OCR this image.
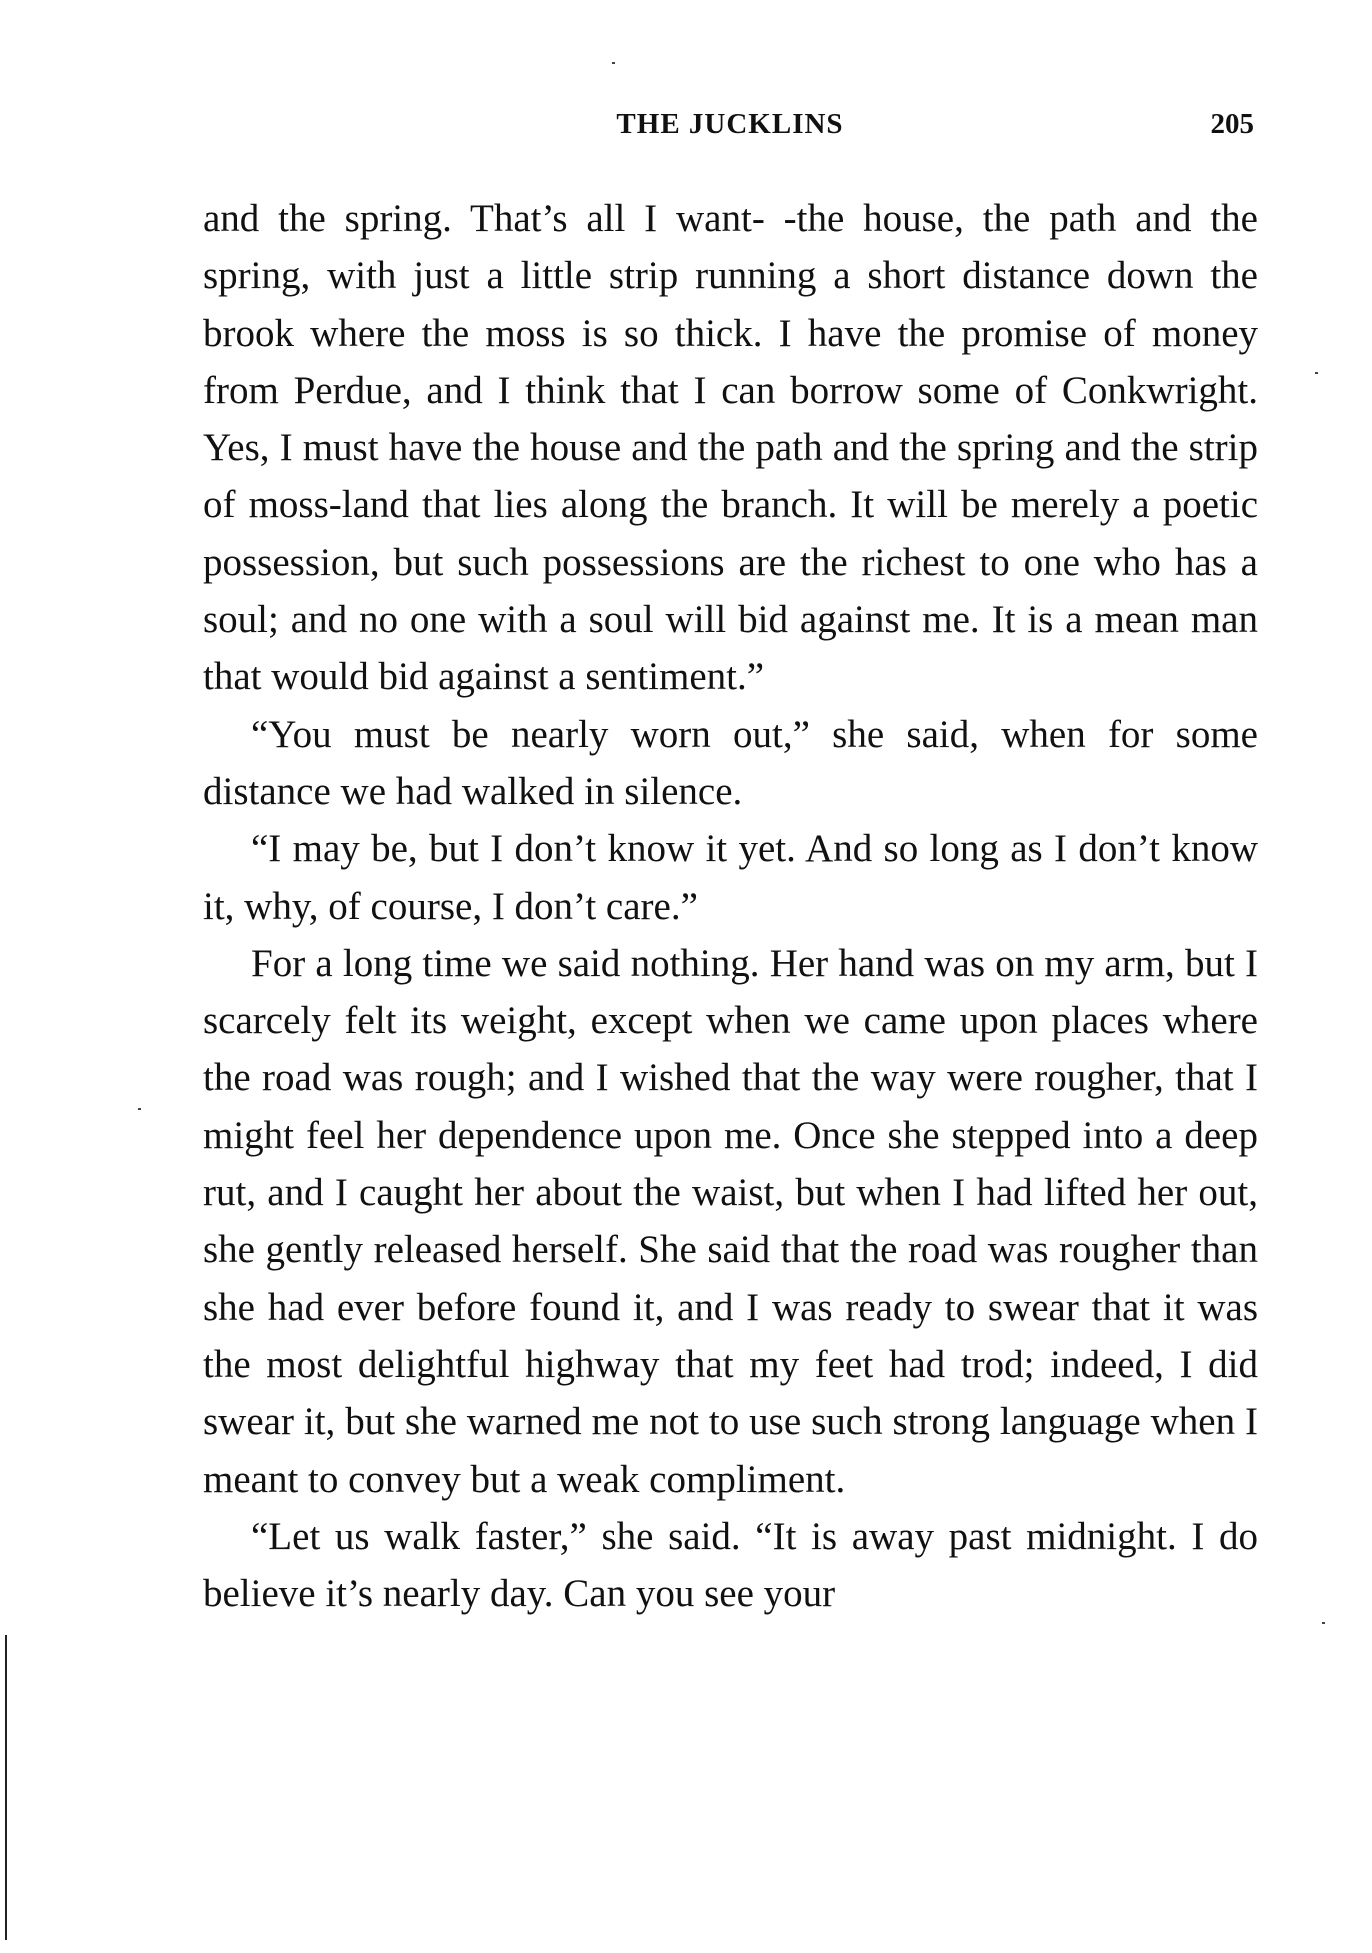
THE JUCKLINS	205

and the spring. That’s all I want- -the house, the path and the spring, with just a little strip running a short distance down the brook where the moss is so thick. I have the promise of money from Perdue, and I think that I can borrow some of Conkwright. Yes, I must have the house and the path and the spring and the strip of moss-land that lies along the branch. It will be merely a poetic possession, but such possessions are the richest to one who has a soul; and no one with a soul will bid against me. It is a mean man that would bid against a sentiment.”

“You must be nearly worn out,” she said, when for some distance we had walked in silence.

“I may be, but I don’t know it yet. And so long as I don’t know it, why, of course, I don’t care.”

For a long time we said nothing. Her hand was on my arm, but I scarcely felt its weight, except when we came upon places where the road was rough; and I wished that the way were rougher, that I might feel her dependence upon me. Once she stepped into a deep rut, and I caught her about the waist, but when I had lifted her out, she gently released herself. She said that the road was rougher than she had ever before found it, and I was ready to swear that it was the most delightful highway that my feet had trod; indeed, I did swear it, but she warned me not to use such strong language when I meant to convey but a weak compliment.

“Let us walk faster,” she said. “It is away past midnight. I do believe it’s nearly day. Can you see your
